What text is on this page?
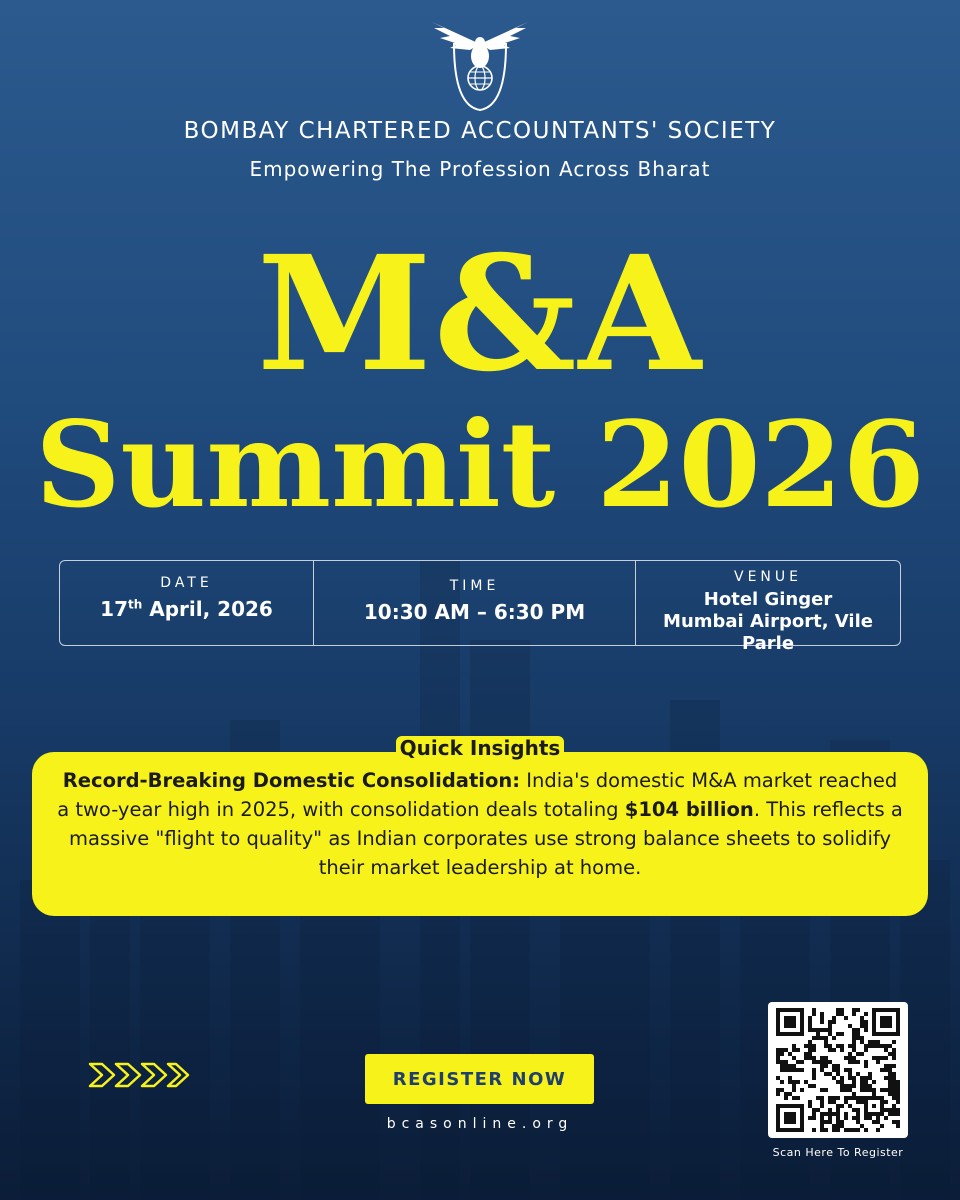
BOMBAY CHARTERED ACCOUNTANTS' SOCIETY
Empowering The Profession Across Bharat
M&A
Summit 2026
DATE
17th April, 2026
TIME
10:30 AM – 6:30 PM
VENUE
Hotel Ginger
Mumbai Airport, Vile Parle

Record-Breaking Domestic Consolidation: India's domestic M&A market reached a two-year high in 2025, with consolidation deals totaling $104 billion. This reflects a massive "flight to quality" as Indian corporates use strong balance sheets to solidify their market leadership at home.

Quick Insights
REGISTER NOW
bcasonline.org
Scan Here To Register
